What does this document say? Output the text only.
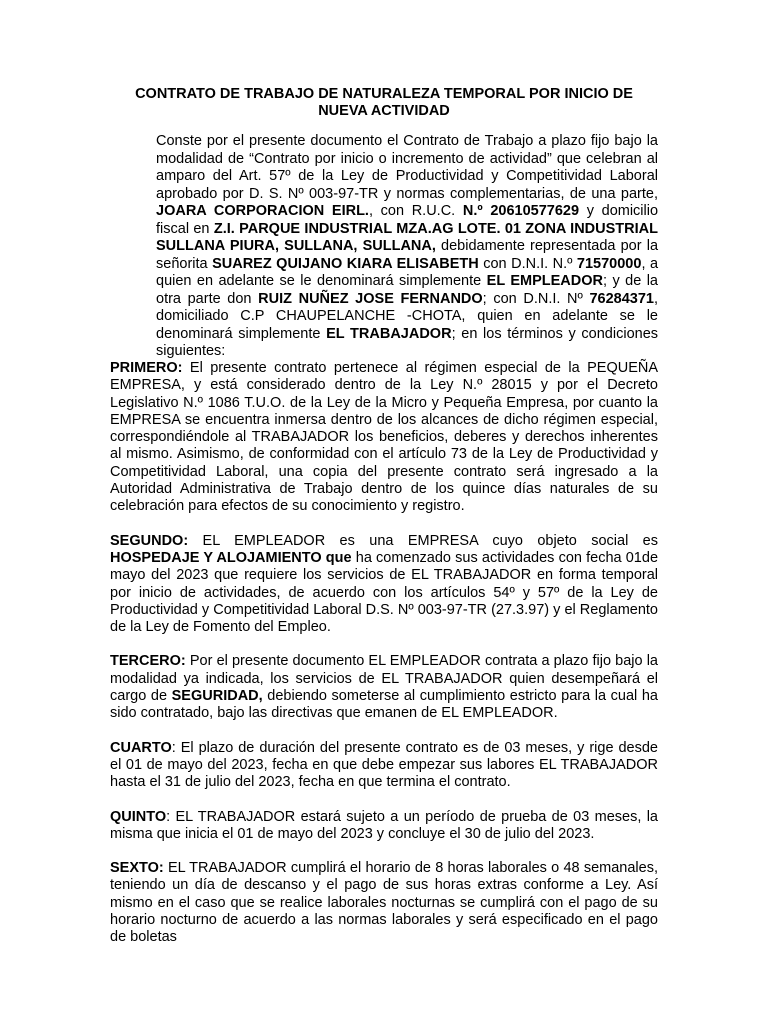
CONTRATO DE TRABAJO DE NATURALEZA TEMPORAL POR INICIO DE
NUEVA ACTIVIDAD
Conste por el presente documento el Contrato de Trabajo a plazo fijo bajo la modalidad de “Contrato por inicio o incremento de actividad” que celebran al amparo del Art. 57º de la Ley de Productividad y Competitividad Laboral aprobado por D. S. Nº 003-97-TR y normas complementarias, de una parte, JOARA CORPORACION EIRL., con R.U.C. N.º 20610577629 y domicilio fiscal en Z.I. PARQUE INDUSTRIAL MZA.AG LOTE. 01 ZONA INDUSTRIAL SULLANA PIURA, SULLANA, SULLANA, debidamente representada por la señorita SUAREZ QUIJANO KIARA ELISABETH con D.N.I. N.º 71570000, a quien en adelante se le denominará simplemente EL EMPLEADOR; y de la otra parte don RUIZ NUÑEZ JOSE FERNANDO; con D.N.I. Nº 76284371, domiciliado C.P CHAUPELANCHE -CHOTA, quien en adelante se le denominará simplemente EL TRABAJADOR; en los términos y condiciones siguientes:

PRIMERO: El presente contrato pertenece al régimen especial de la PEQUEÑA EMPRESA, y está considerado dentro de la Ley N.º 28015 y por el Decreto Legislativo N.º 1086 T.U.O. de la Ley de la Micro y Pequeña Empresa, por cuanto la EMPRESA se encuentra inmersa dentro de los alcances de dicho régimen especial, correspondiéndole al TRABAJADOR los beneficios, deberes y derechos inherentes al mismo. Asimismo, de conformidad con el artículo 73 de la Ley de Productividad y Competitividad Laboral, una copia del presente contrato será ingresado a la Autoridad Administrativa de Trabajo dentro de los quince días naturales de su celebración para efectos de su conocimiento y registro.

SEGUNDO: EL EMPLEADOR es una EMPRESA cuyo objeto social es HOSPEDAJE Y ALOJAMIENTO que ha comenzado sus actividades con fecha 01de mayo del 2023 que requiere los servicios de EL TRABAJADOR en forma temporal por inicio de actividades, de acuerdo con los artículos 54º y 57º de la Ley de Productividad y Competitividad Laboral D.S. Nº 003-97-TR (27.3.97) y el Reglamento de la Ley de Fomento del Empleo.

TERCERO: Por el presente documento EL EMPLEADOR contrata a plazo fijo bajo la modalidad ya indicada, los servicios de EL TRABAJADOR quien desempeñará el cargo de SEGURIDAD, debiendo someterse al cumplimiento estricto para la cual ha sido contratado, bajo las directivas que emanen de EL EMPLEADOR.

CUARTO: El plazo de duración del presente contrato es de 03 meses, y rige desde el 01 de mayo del 2023, fecha en que debe empezar sus labores EL TRABAJADOR hasta el 31 de julio del 2023, fecha en que termina el contrato.

QUINTO: EL TRABAJADOR estará sujeto a un período de prueba de 03 meses, la misma que inicia el 01 de mayo del 2023 y concluye el 30 de julio del 2023.

SEXTO: EL TRABAJADOR cumplirá el horario de 8 horas laborales o 48 semanales, teniendo un día de descanso y el pago de sus horas extras conforme a Ley. Así mismo en el caso que se realice laborales nocturnas se cumplirá con el pago de su horario nocturno de acuerdo a las normas laborales y será especificado en el pago de boletas
